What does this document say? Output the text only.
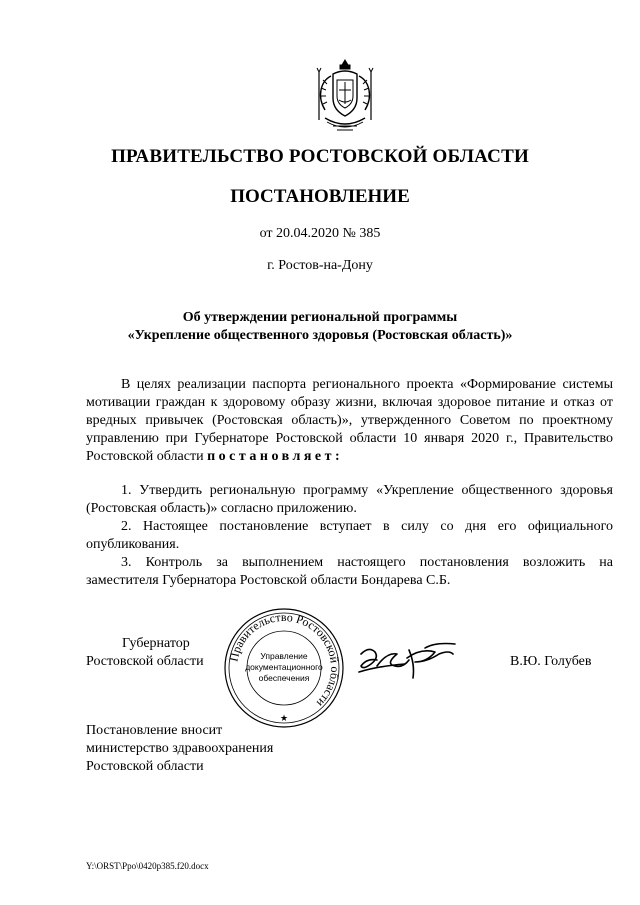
ПРАВИТЕЛЬСТВО РОСТОВСКОЙ ОБЛАСТИ
ПОСТАНОВЛЕНИЕ
от 20.04.2020 № 385
г. Ростов-на-Дону
Об утверждении региональной программы
«Укрепление общественного здоровья (Ростовская область)»

В целях реализации паспорта регионального проекта «Формирование системы мотивации граждан к здоровому образу жизни, включая здоровое питание и отказ от вредных привычек (Ростовская область)», утвержденного Советом по проектному управлению при Губернаторе Ростовской области 10 января 2020 г., Правительство Ростовской области постановляет:

1. Утвердить региональную программу «Укрепление общественного здоровья (Ростовская область)» согласно приложению.

2. Настоящее постановление вступает в силу со дня его официального опубликования.

3. Контроль за выполнением настоящего постановления возложить на заместителя Губернатора Ростовской области Бондарева С.Б.

Губернатор
Ростовской области Правительство Ростовской области
★
Управление
документационного
обеспечения
В.Ю. Голубев
Постановление вносит
министерство здравоохранения
Ростовской области
Y:\ORST\Ppo\0420p385.f20.docx
